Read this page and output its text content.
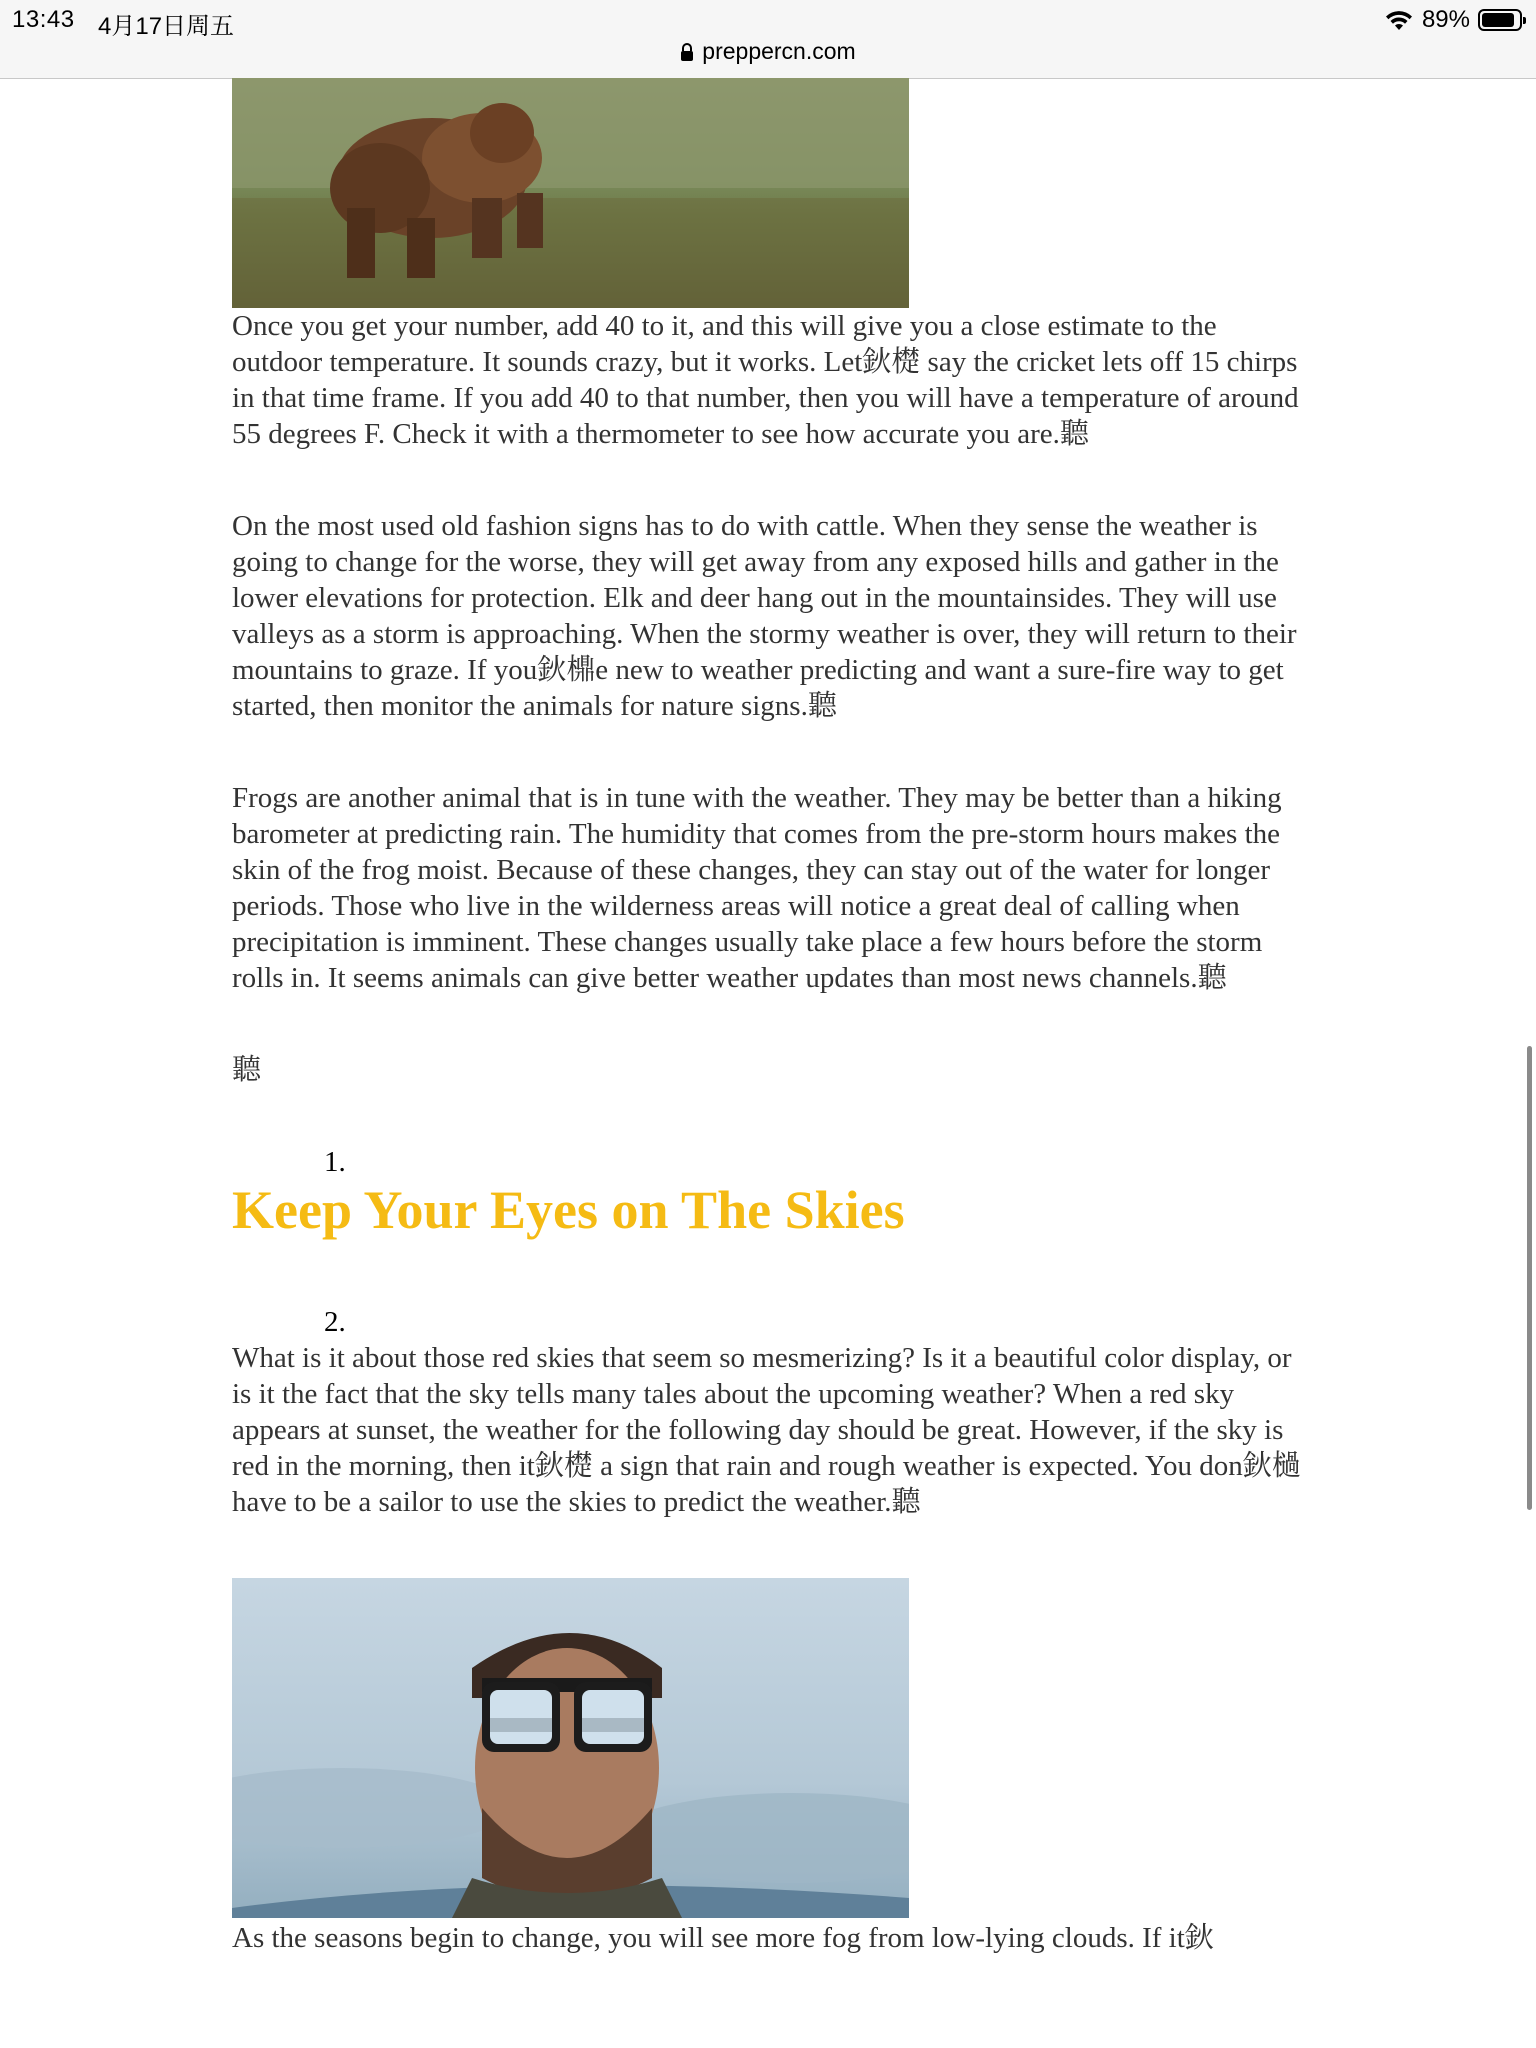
13:43 4月17日周五	89%
preppercn.com

Once you get your number, add 40 to it, and this will give you a close estimate to the outdoor temperature. It sounds crazy, but it works. Let鈥檚 say the cricket lets off 15 chirps in that time frame. If you add 40 to that number, then you will have a temperature of around 55 degrees F. Check it with a thermometer to see how accurate you are.聽

On the most used old fashion signs has to do with cattle. When they sense the weather is going to change for the worse, they will get away from any exposed hills and gather in the lower elevations for protection. Elk and deer hang out in the mountainsides. They will use valleys as a storm is approaching. When the stormy weather is over, they will return to their mountains to graze. If you鈥檙e new to weather predicting and want a sure-fire way to get started, then monitor the animals for nature signs.聽

Frogs are another animal that is in tune with the weather. They may be better than a hiking barometer at predicting rain. The humidity that comes from the pre-storm hours makes the skin of the frog moist. Because of these changes, they can stay out of the water for longer periods. Those who live in the wilderness areas will notice a great deal of calling when precipitation is imminent. These changes usually take place a few hours before the storm rolls in. It seems animals can give better weather updates than most news channels.聽

聽

1.
Keep Your Eyes on The Skies
2.

What is it about those red skies that seem so mesmerizing? Is it a beautiful color display, or is it the fact that the sky tells many tales about the upcoming weather? When a red sky appears at sunset, the weather for the following day should be great. However, if the sky is red in the morning, then it鈥檚 a sign that rain and rough weather is expected. You don鈥檛 have to be a sailor to use the skies to predict the weather.聽

As the seasons begin to change, you will see more fog from low-lying clouds. If it鈥
